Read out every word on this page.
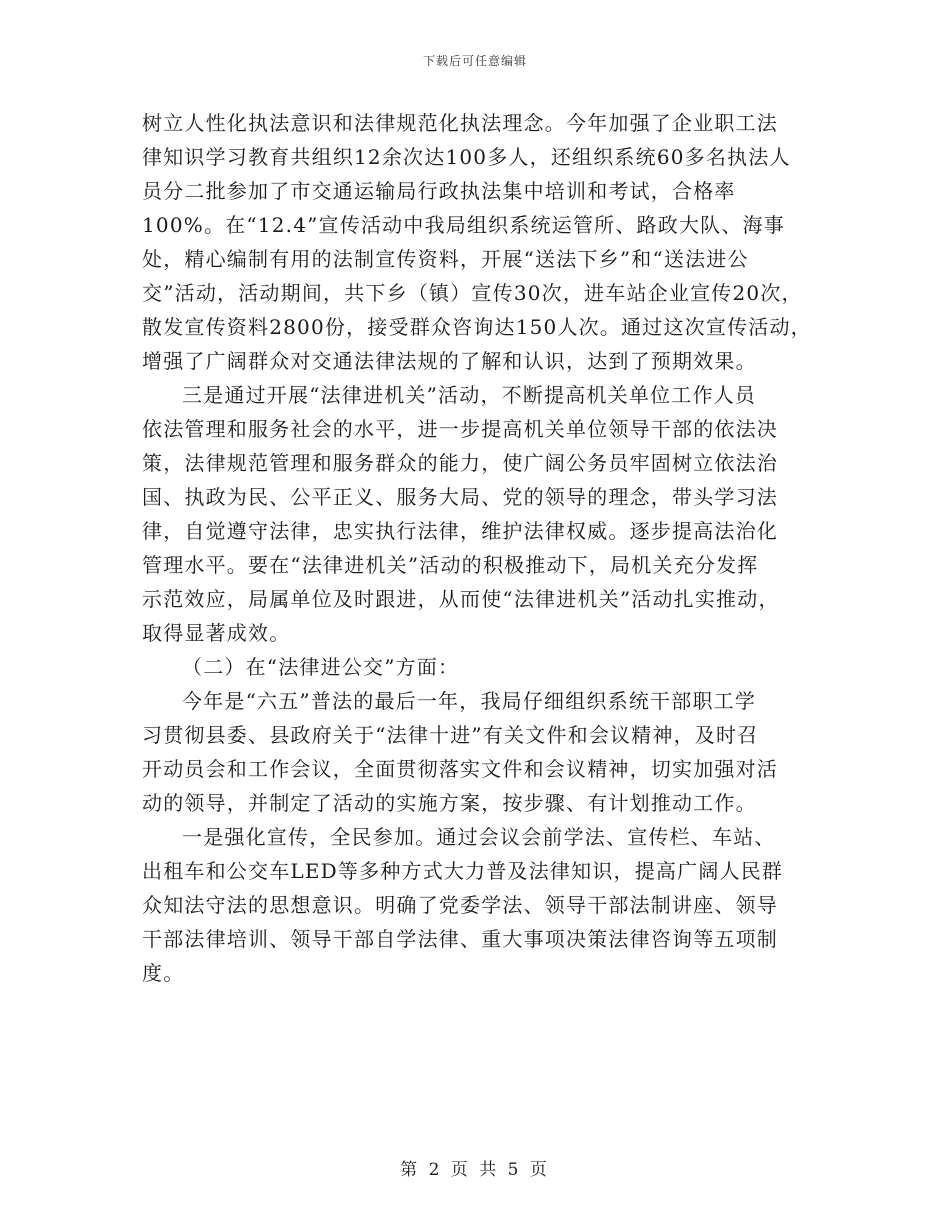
下载后可任意编辑
树立人性化执法意识和法律规范化执法理念。今年加强了企业职工法
律知识学习教育共组织12余次达100多人，还组织系统60多名执法人
员分二批参加了市交通运输局行政执法集中培训和考试，合格率
100%。在“12.4”宣传活动中我局组织系统运管所、路政大队、海事
处，精心编制有用的法制宣传资料，开展“送法下乡”和“送法进公
交”活动，活动期间，共下乡（镇）宣传30次，进车站企业宣传20次，
散发宣传资料2800份，接受群众咨询达150人次。通过这次宣传活动，
增强了广阔群众对交通法律法规的了解和认识，达到了预期效果。
三是通过开展“法律进机关”活动，不断提高机关单位工作人员
依法管理和服务社会的水平，进一步提高机关单位领导干部的依法决
策，法律规范管理和服务群众的能力，使广阔公务员牢固树立依法治
国、执政为民、公平正义、服务大局、党的领导的理念，带头学习法
律，自觉遵守法律，忠实执行法律，维护法律权威。逐步提高法治化
管理水平。要在“法律进机关”活动的积极推动下，局机关充分发挥
示范效应，局属单位及时跟进，从而使“法律进机关”活动扎实推动，
取得显著成效。
（二）在“法律进公交”方面：
今年是“六五”普法的最后一年，我局仔细组织系统干部职工学
习贯彻县委、县政府关于“法律十进”有关文件和会议精神，及时召
开动员会和工作会议，全面贯彻落实文件和会议精神，切实加强对活
动的领导，并制定了活动的实施方案，按步骤、有计划推动工作。
一是强化宣传，全民参加。通过会议会前学法、宣传栏、车站、
出租车和公交车LED等多种方式大力普及法律知识，提高广阔人民群
众知法守法的思想意识。明确了党委学法、领导干部法制讲座、领导
干部法律培训、领导干部自学法律、重大事项决策法律咨询等五项制
度。
第 2 页 共 5 页
